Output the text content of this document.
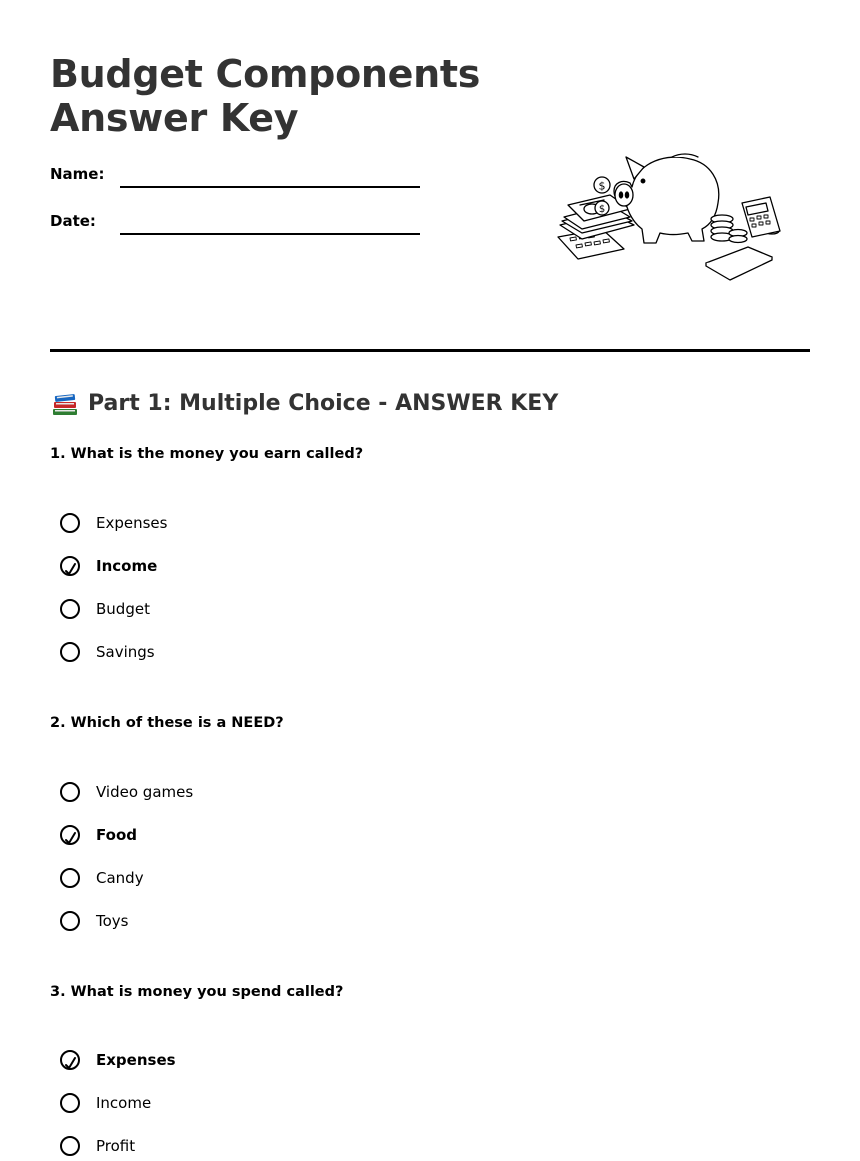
Budget Components
Answer Key
Name:
Date:
$
$
Part 1: Multiple Choice - ANSWER KEY
1. What is the money you earn called?
Expenses
Income
Budget
Savings
2. Which of these is a NEED?
Video games
Food
Candy
Toys
3. What is money you spend called?
Expenses
Income
Profit
